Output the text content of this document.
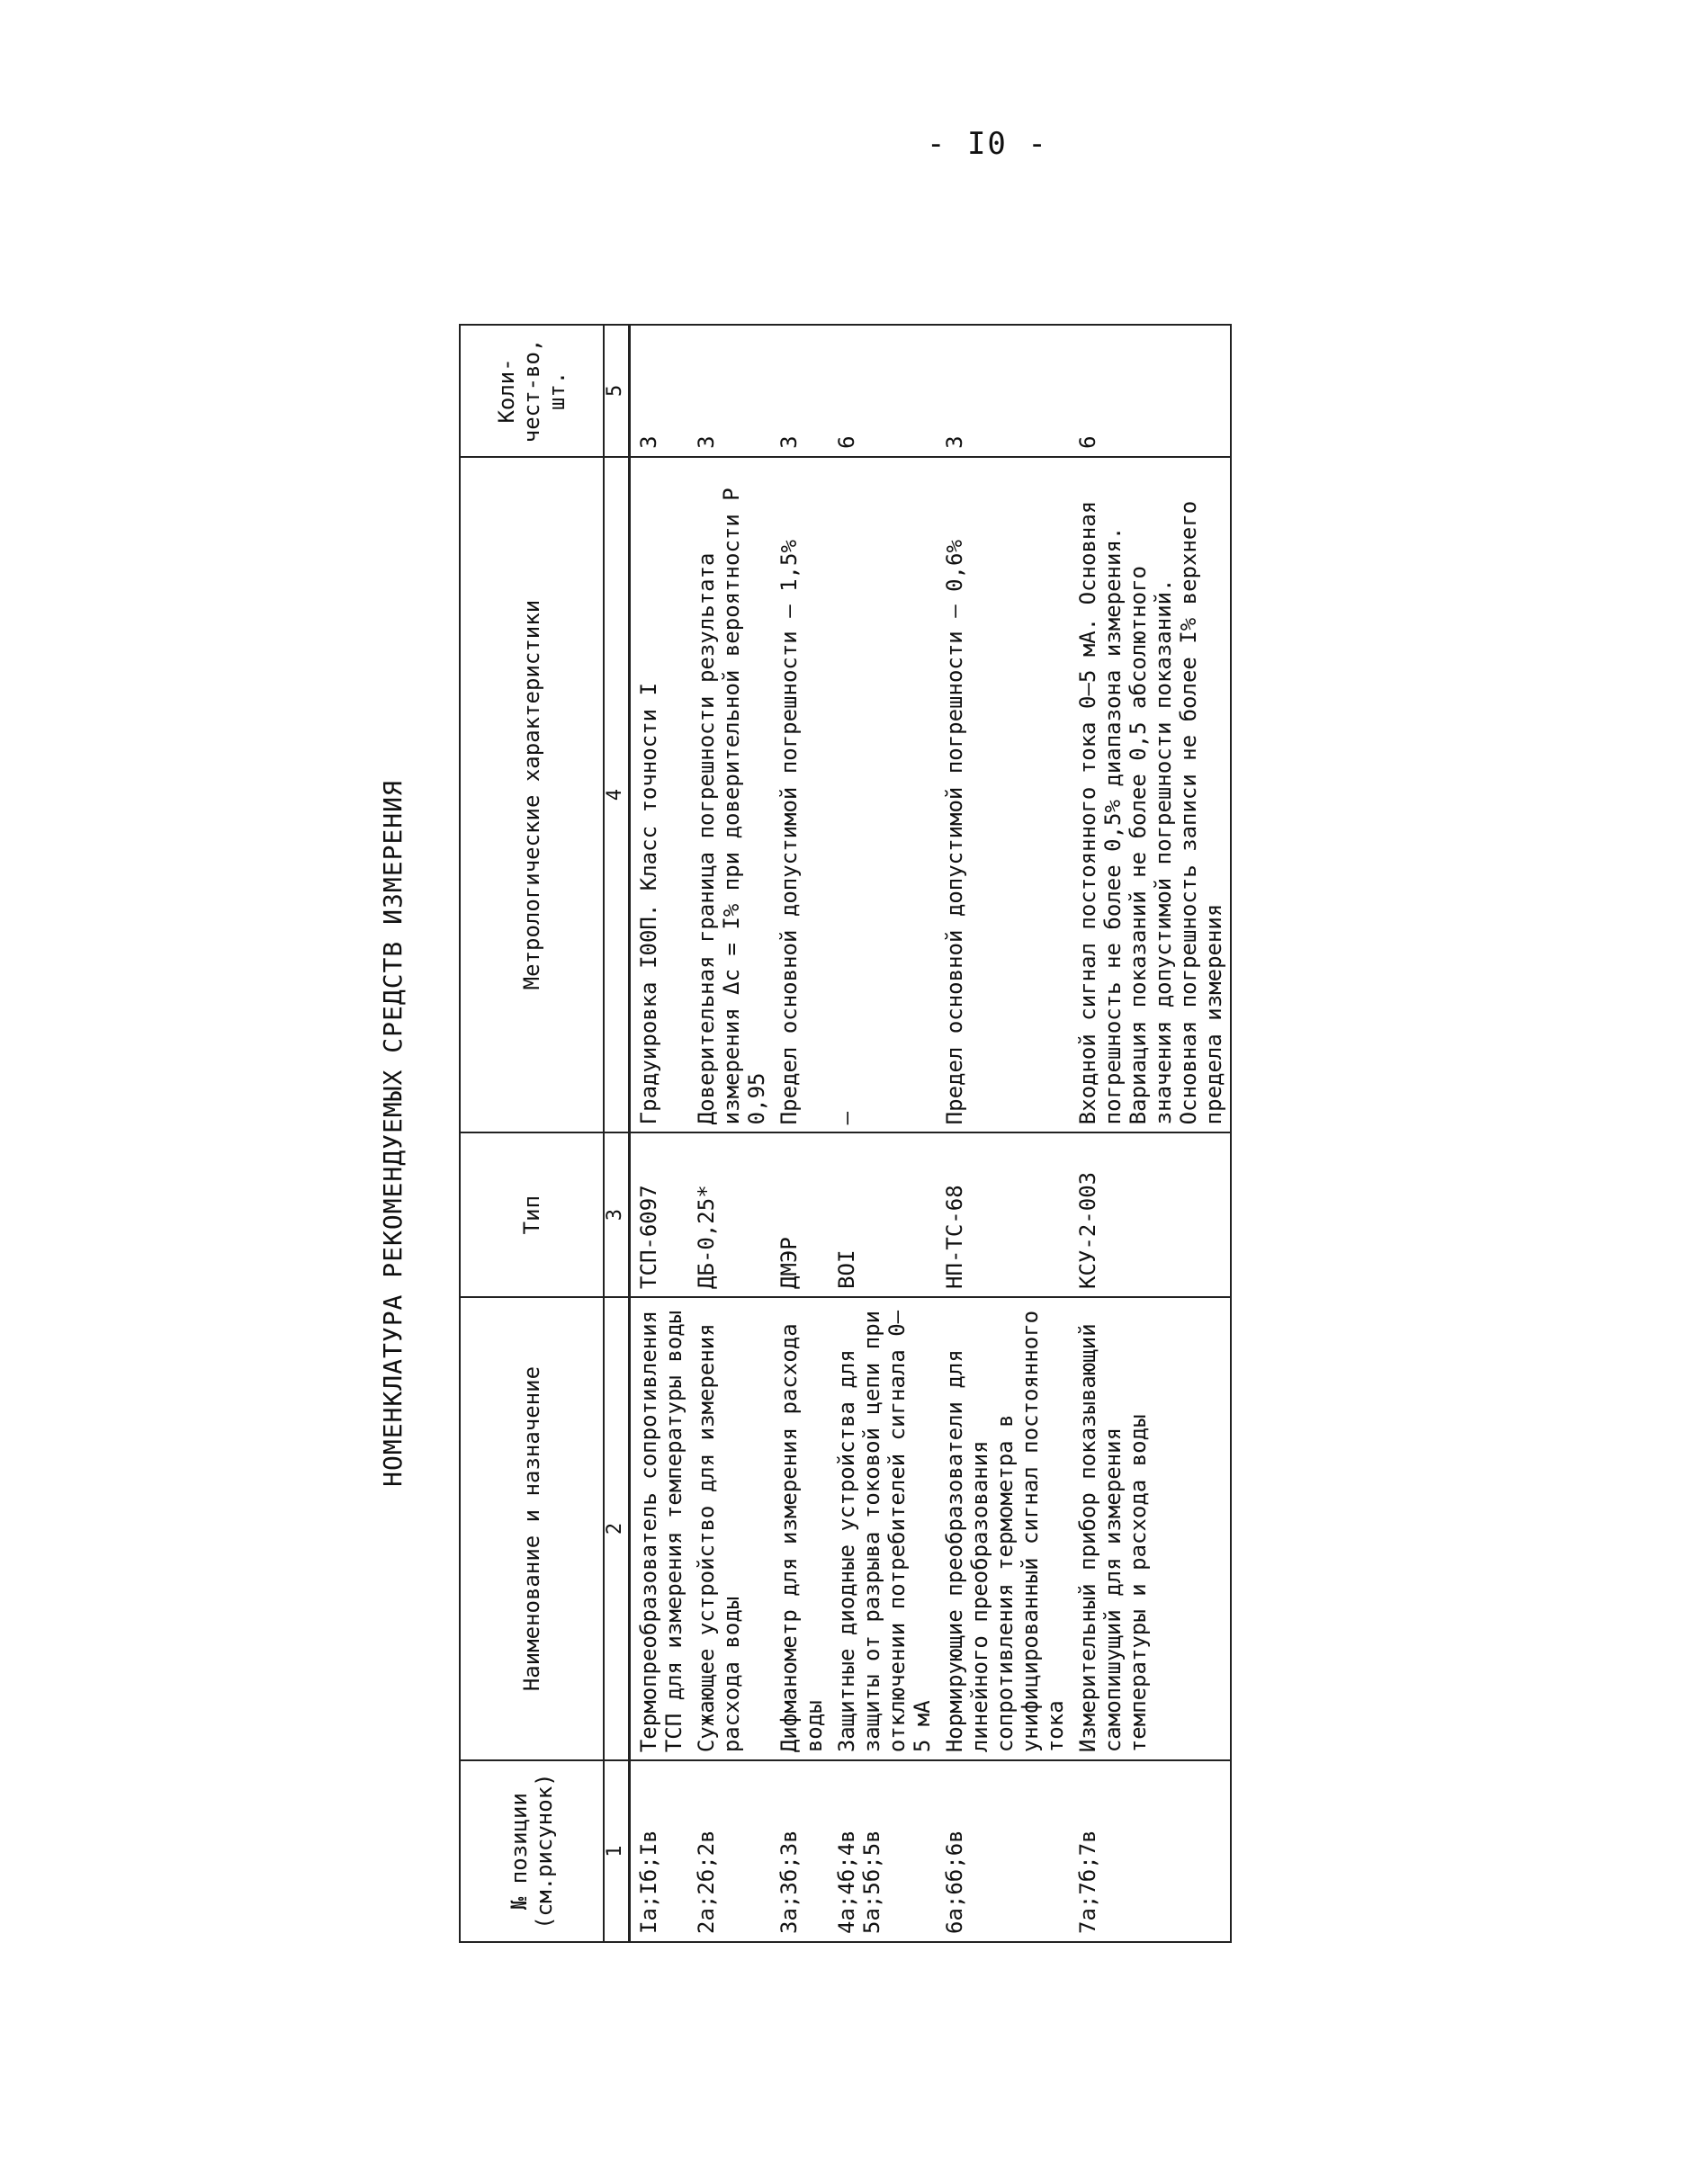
- I0 -
НОМЕНКЛАТУРА РЕКОМЕНДУЕМЫХ СРЕДСТВ ИЗМЕРЕНИЯ
№ позиции (см.рисунок)	Наименование и назначение	Тип	Метрологические характеристики	Коли-чест-во, шт.
1	2	3	4	5
Iа;Iб;Iв	Термопреобразователь сопротивления ТСП для измерения температуры воды	ТСП-6097	Градуировка I00П. Класс точности I	3
2а;2б;2в	Сужающее устройство для измерения расхода воды	ДБ-0,25*	Доверительная граница погрешности результата измерения Δc = I% при доверительной вероятности Р 0,95	3
3а;3б;3в	Дифманометр для измерения расхода воды	ДМЭР	Предел основной допустимой погрешности – 1,5%	3
4а;4б;4в 5а;5б;5в	Защитные диодные устройства для защиты от разрыва токовой цепи при отключении потребителей сигнала 0–5 мА	ВОI	–	6
6а;6б;6в	Нормирующие преобразователи для линейного преобразования сопротивления термометра в унифицированный сигнал постоянного тока	НП-ТС-68	Предел основной допустимой погрешности – 0,6%	3
7а;7б;7в	Измерительный прибор показывающий самопишущий для измерения температуры и расхода воды	КСУ-2-003	Входной сигнал постоянного тока 0–5 мА. Основная погрешность не более 0,5% диапазона измерения. Вариация показаний не более 0,5 абсолютного значения допустимой погрешности показаний. Основная погрешность записи не более I% верхнего предела измерения	6
